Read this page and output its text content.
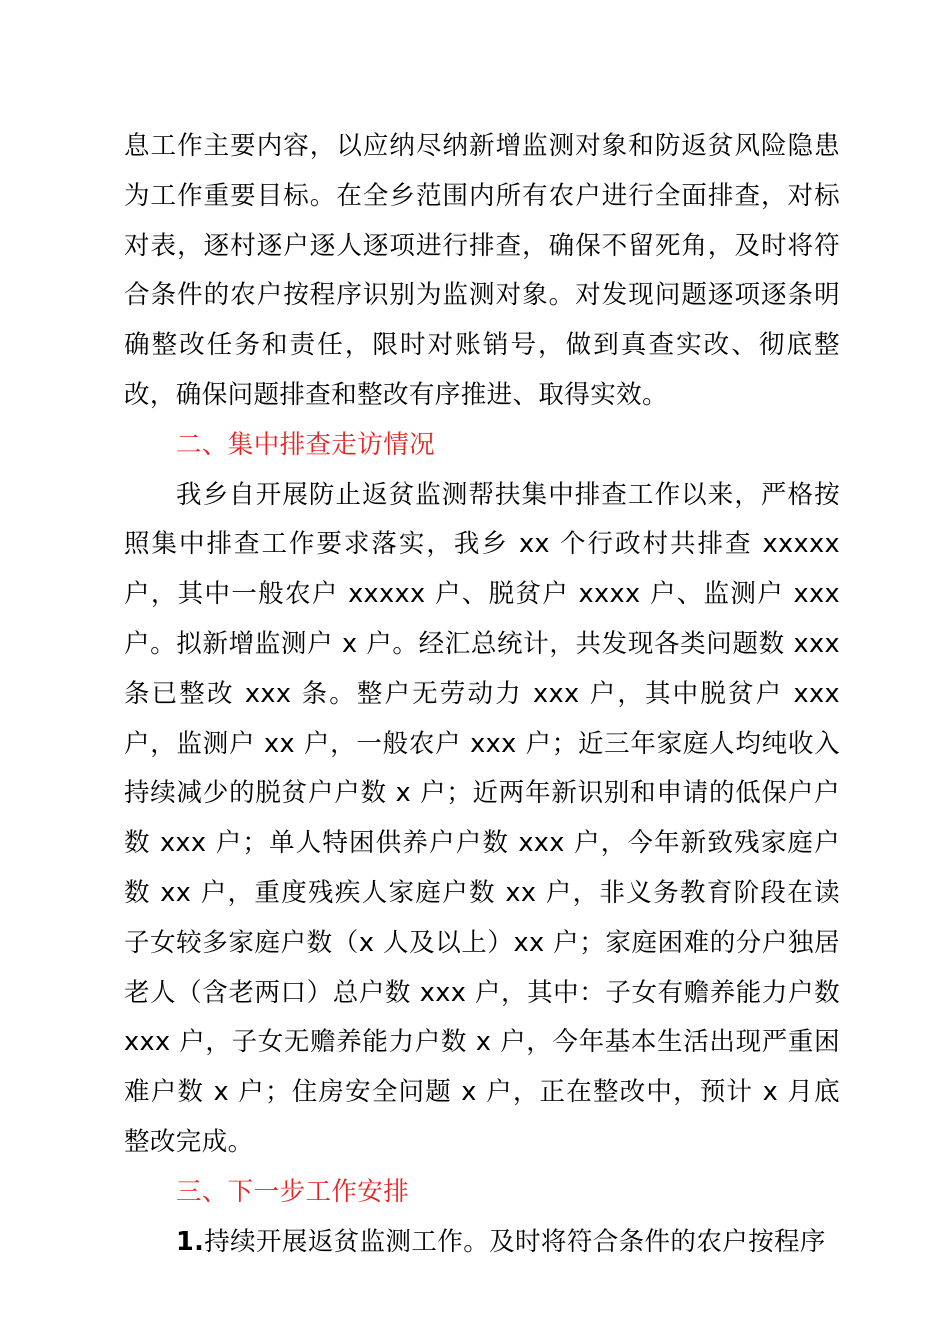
息工作主要内容，以应纳尽纳新增监测对象和防返贫风险隐患为工作重要目标。在全乡范围内所有农户进行全面排查，对标对表，逐村逐户逐人逐项进行排查，确保不留死角，及时将符合条件的农户按程序识别为监测对象。对发现问题逐项逐条明确整改任务和责任，限时对账销号，做到真查实改、彻底整改，确保问题排查和整改有序推进、取得实效。

二、集中排查走访情况

我乡自开展防止返贫监测帮扶集中排查工作以来，严格按照集中排查工作要求落实，我乡 xx 个行政村共排查 xxxxx 户，其中一般农户 xxxxx 户、脱贫户 xxxx 户、监测户 xxx 户。拟新增监测户 x 户。经汇总统计，共发现各类问题数 xxx 条已整改 xxx 条。整户无劳动力 xxx 户，其中脱贫户 xxx 户，监测户 xx 户，一般农户 xxx 户；近三年家庭人均纯收入持续减少的脱贫户户数 x 户；近两年新识别和申请的低保户户数 xxx 户；单人特困供养户户数 xxx 户，今年新致残家庭户数 xx 户，重度残疾人家庭户数 xx 户，非义务教育阶段在读子女较多家庭户数（x 人及以上）xx 户；家庭困难的分户独居老人（含老两口）总户数 xxx 户，其中：子女有赡养能力户数 xxx 户，子女无赡养能力户数 x 户，今年基本生活出现严重困难户数 x 户；住房安全问题 x 户，正在整改中，预计 x 月底整改完成。

三、下一步工作安排

1.持续开展返贫监测工作。及时将符合条件的农户按程序
